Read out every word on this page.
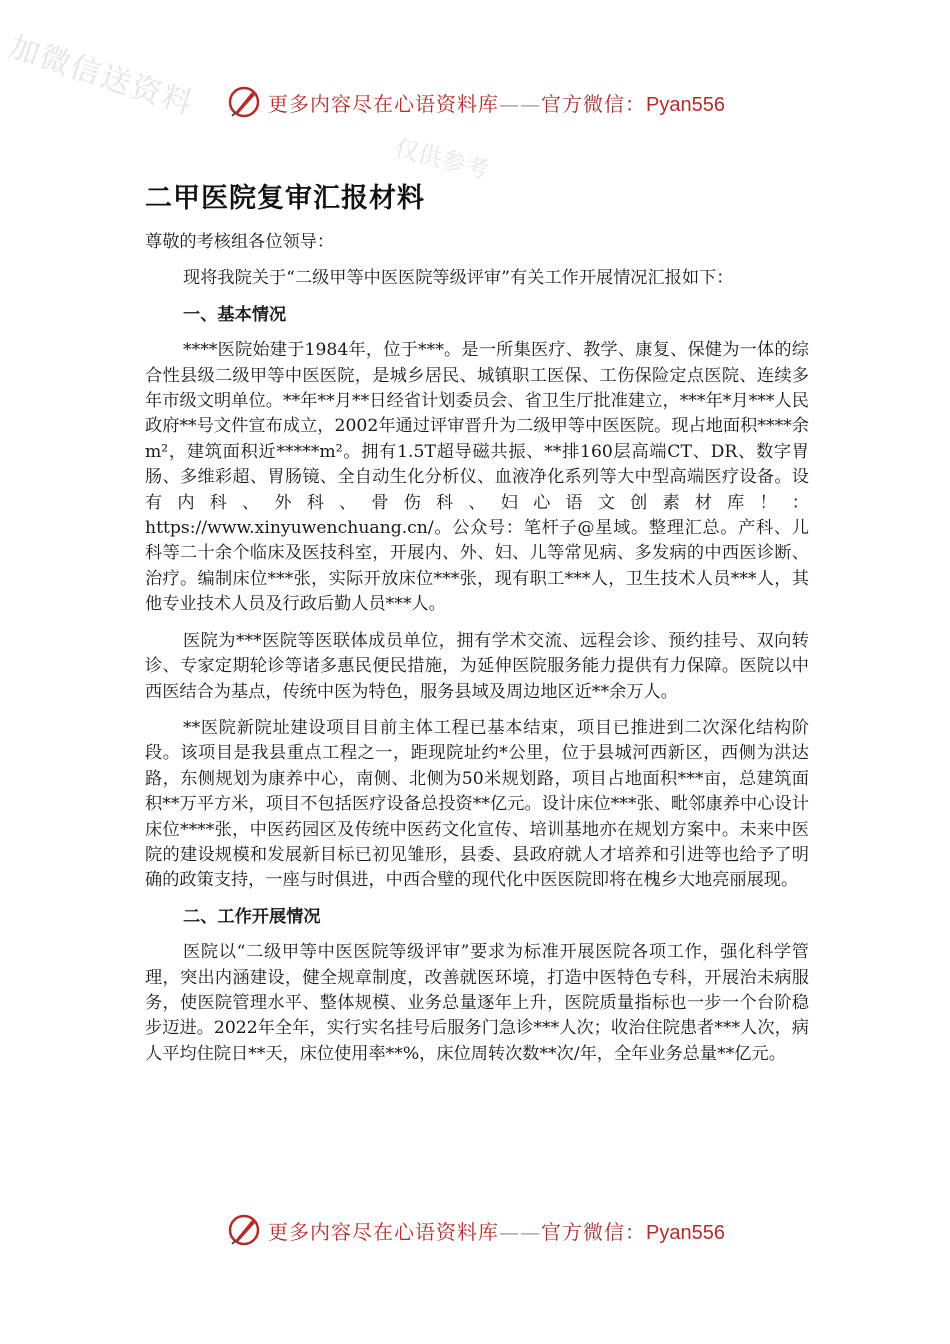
加微信送资料
仅供参考
更多内容尽在心语资料库——官方微信：Pyan556
二甲医院复审汇报材料

尊敬的考核组各位领导：

现将我院关于“二级甲等中医医院等级评审”有关工作开展情况汇报如下：

一、基本情况

****医院始建于1984年，位于***。是一所集医疗、教学、康复、保健为一体的综合性县级二级甲等中医医院，是城乡居民、城镇职工医保、工伤保险定点医院、连续多年市级文明单位。**年**月**日经省计划委员会、省卫生厅批准建立，***年*月***人民政府**号文件宣布成立，2002年通过评审晋升为二级甲等中医医院。现占地面积****余m²，建筑面积近*****m²。拥有1.5T超导磁共振、**排160层高端CT、DR、数字胃肠、多维彩超、胃肠镜、全自动生化分析仪、血液净化系列等大中型高端医疗设备。设有内科、外科、骨伤科、妇心语文创素材库！：https://www.xinyuwenchuang.cn/。公众号：笔杆子@星域。整理汇总。产科、儿科等二十余个临床及医技科室，开展内、外、妇、儿等常见病、多发病的中西医诊断、治疗。编制床位***张，实际开放床位***张，现有职工***人，卫生技术人员***人，其他专业技术人员及行政后勤人员***人。

医院为***医院等医联体成员单位，拥有学术交流、远程会诊、预约挂号、双向转诊、专家定期轮诊等诸多惠民便民措施，为延伸医院服务能力提供有力保障。医院以中西医结合为基点，传统中医为特色，服务县域及周边地区近**余万人。

**医院新院址建设项目目前主体工程已基本结束，项目已推进到二次深化结构阶段。该项目是我县重点工程之一，距现院址约*公里，位于县城河西新区，西侧为洪达路，东侧规划为康养中心，南侧、北侧为50米规划路，项目占地面积***亩，总建筑面积**万平方米，项目不包括医疗设备总投资**亿元。设计床位***张、毗邻康养中心设计床位****张，中医药园区及传统中医药文化宣传、培训基地亦在规划方案中。未来中医院的建设规模和发展新目标已初见雏形，县委、县政府就人才培养和引进等也给予了明确的政策支持，一座与时俱进，中西合璧的现代化中医医院即将在槐乡大地亮丽展现。

二、工作开展情况

医院以“二级甲等中医医院等级评审”要求为标准开展医院各项工作，强化科学管理，突出内涵建设，健全规章制度，改善就医环境，打造中医特色专科，开展治未病服务，使医院管理水平、整体规模、业务总量逐年上升，医院质量指标也一步一个台阶稳步迈进。2022年全年，实行实名挂号后服务门急诊***人次；收治住院患者***人次，病人平均住院日**天，床位使用率**%，床位周转次数**次/年，全年业务总量**亿元。

更多内容尽在心语资料库——官方微信：Pyan556
